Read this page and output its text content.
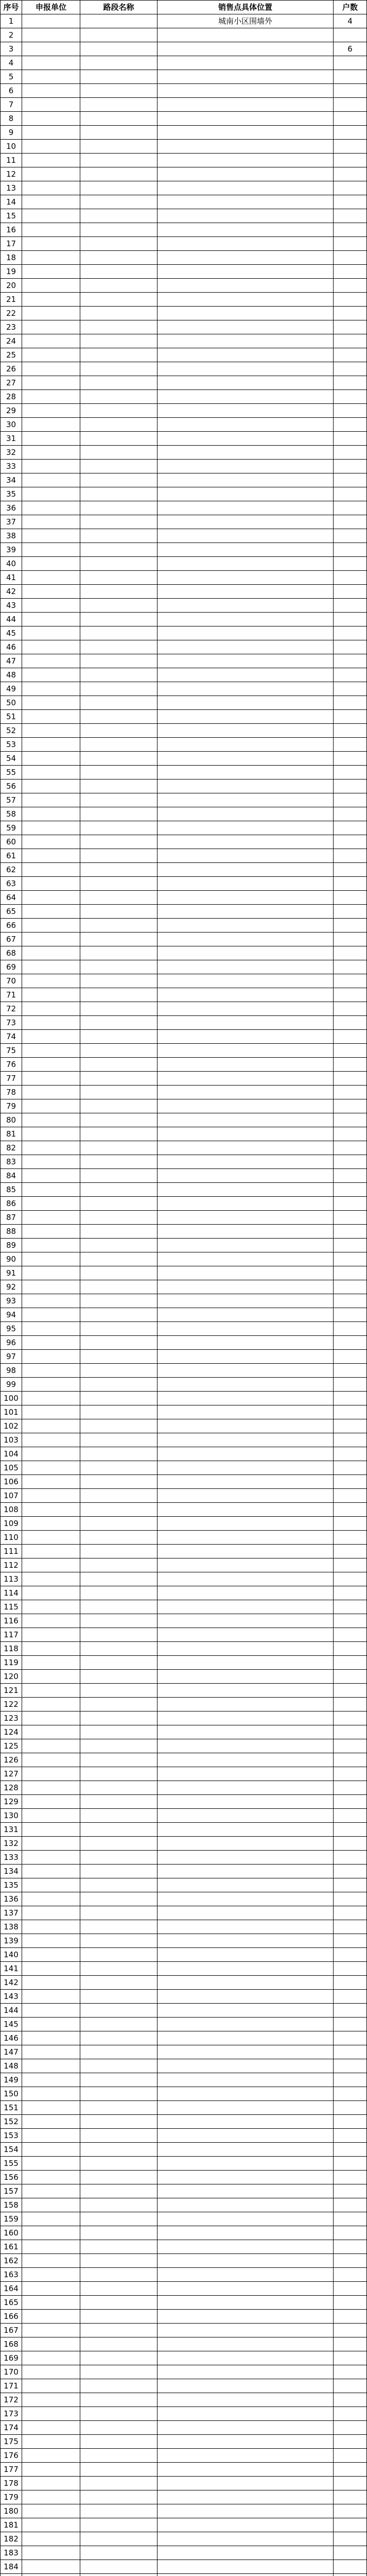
序号	申报单位	路段名称	销售点具体位置	户数
1			城南小区围墙外	4
2				
3				6
4				
5				
6				
7				
8				
9				
10				
11				
12				
13				
14				
15				
16				
17				
18				
19				
20				
21				
22				
23				
24				
25				
26				
27				
28				
29				
30				
31				
32				
33				
34				
35				
36				
37				
38				
39				
40				
41				
42				
43				
44				
45				
46				
47				
48				
49				
50				
51				
52				
53				
54				
55				
56				
57				
58				
59				
60				
61				
62				
63				
64				
65				
66				
67				
68				
69				
70				
71				
72				
73				
74				
75				
76				
77				
78				
79				
80				
81				
82				
83				
84				
85				
86				
87				
88				
89				
90				
91				
92				
93				
94				
95				
96				
97				
98				
99				
100				
101				
102				
103				
104				
105				
106				
107				
108				
109				
110				
111				
112				
113				
114				
115				
116				
117				
118				
119				
120				
121				
122				
123				
124				
125				
126				
127				
128				
129				
130				
131				
132				
133				
134				
135				
136				
137				
138				
139				
140				
141				
142				
143				
144				
145				
146				
147				
148				
149				
150				
151				
152				
153				
154				
155				
156				
157				
158				
159				
160				
161				
162				
163				
164				
165				
166				
167				
168				
169				
170				
171				
172				
173				
174				
175				
176				
177				
178				
179				
180				
181				
182				
183				
184				
